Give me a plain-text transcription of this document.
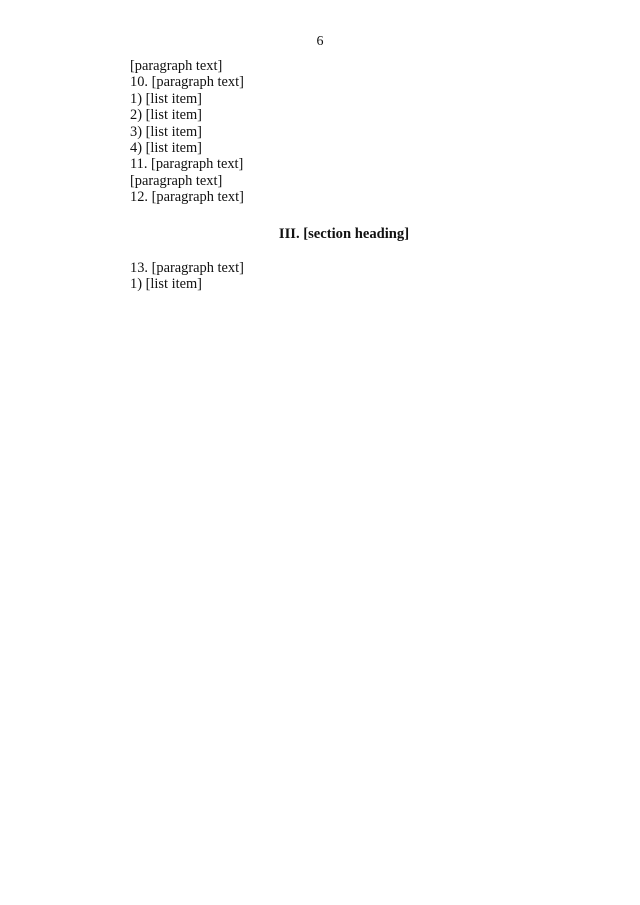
6

[paragraph text]

10. [paragraph text]

1) [list item]

2) [list item]

3) [list item]

4) [list item]

11. [paragraph text]

[paragraph text]

12. [paragraph text]

III. [section heading]

13. [paragraph text]

1) [list item]
